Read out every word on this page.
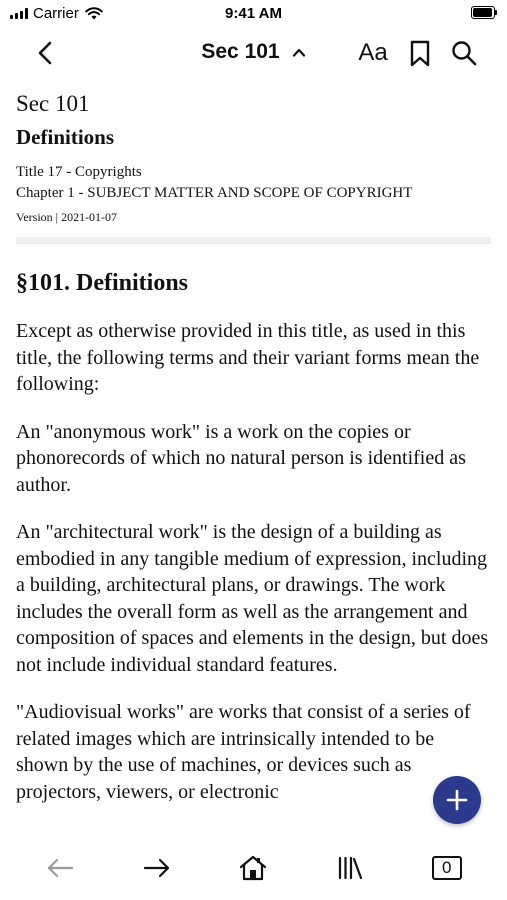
Carrier	9:41 AM
Sec 101	Aa
Sec 101
Definitions
Title 17 - Copyrights
Chapter 1 - SUBJECT MATTER AND SCOPE OF COPYRIGHT
Version | 2021-01-07
§101. Definitions

Except as otherwise provided in this title, as used in this title, the following terms and their variant forms mean the following:

An "anonymous work" is a work on the copies or phonorecords of which no natural person is identified as author.

An "architectural work" is the design of a building as embodied in any tangible medium of expression, including a building, architectural plans, or drawings. The work includes the overall form as well as the arrangement and composition of spaces and elements in the design, but does not include individual standard features.

"Audiovisual works" are works that consist of a series of related images which are intrinsically intended to be shown by the use of machines, or devices such as projectors, viewers, or electronic

0
